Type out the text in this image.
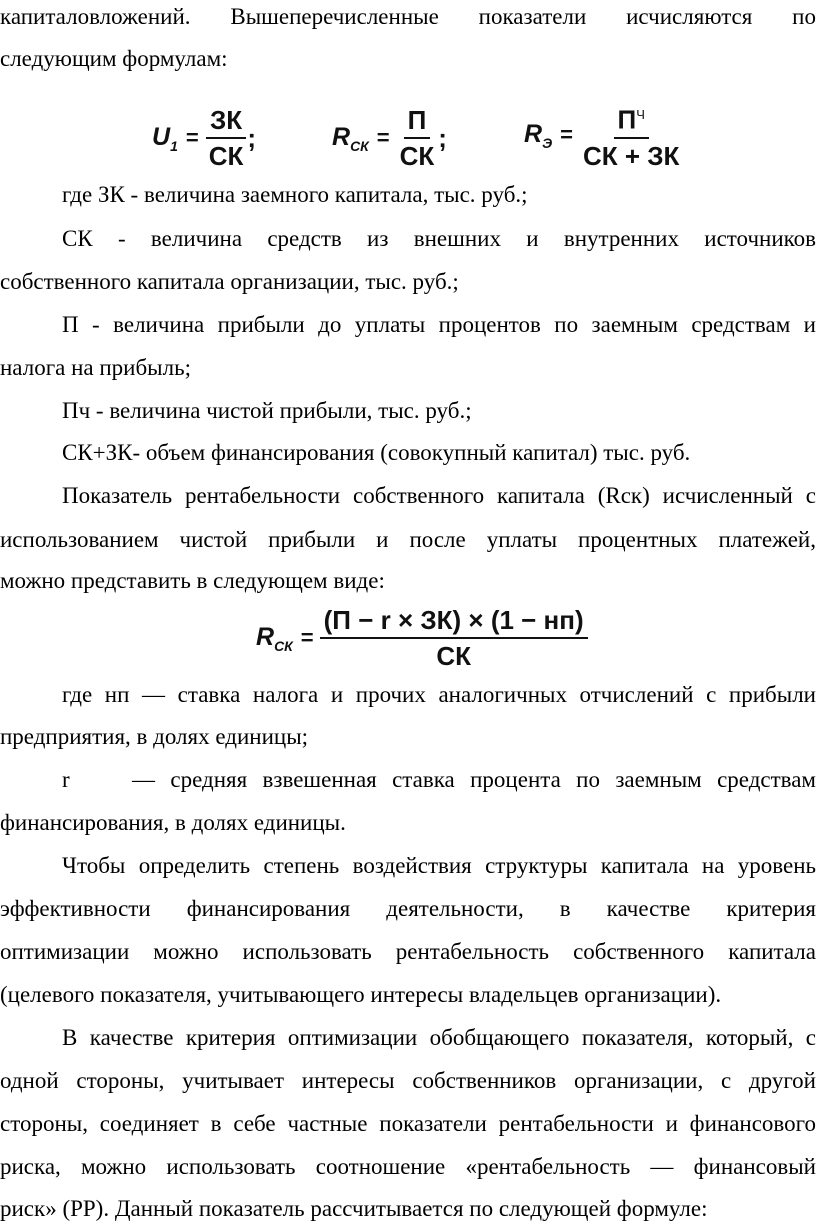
капиталовложений. Вышеперечисленные показатели исчисляются по
следующим формулам:
$U_1 = \frac{ЗК}{СК}$ ;	$R_{СК} = \frac{П}{СК}$ ;	$R_Э = \frac{П^Ч}{СК + ЗК}$
где ЗК - величина заемного капитала, тыс. руб.;
СК - величина средств из внешних и внутренних источников
собственного капитала организации, тыс. руб.;
П - величина прибыли до уплаты процентов по заемным средствам и
налога на прибыль;
Пч - величина чистой прибыли, тыс. руб.;
СК+ЗК- объем финансирования (совокупный капитал) тыс. руб.
Показатель рентабельности собственного капитала (Rск) исчисленный с
использованием чистой прибыли и после уплаты процентных платежей,
можно представить в следующем виде:
$R_{СК} = \frac{(П - r \times ЗК) \times (1 - нп)}{СК}$
где нп –– ставка налога и прочих аналогичных отчислений с прибыли
предприятия, в долях единицы;
r	–– средняя взвешенная ставка процента по заемным средствам
финансирования, в долях единицы.
Чтобы определить степень воздействия структуры капитала на уровень
эффективности финансирования деятельности, в качестве критерия
оптимизации можно использовать рентабельность собственного капитала
(целевого показателя, учитывающего интересы владельцев организации).
В качестве критерия оптимизации обобщающего показателя, который, с
одной стороны, учитывает интересы собственников организации, с другой
стороны, соединяет в себе частные показатели рентабельности и финансового
риска, можно использовать соотношение «рентабельность –– финансовый
риск» (РР). Данный показатель рассчитывается по следующей формуле:
